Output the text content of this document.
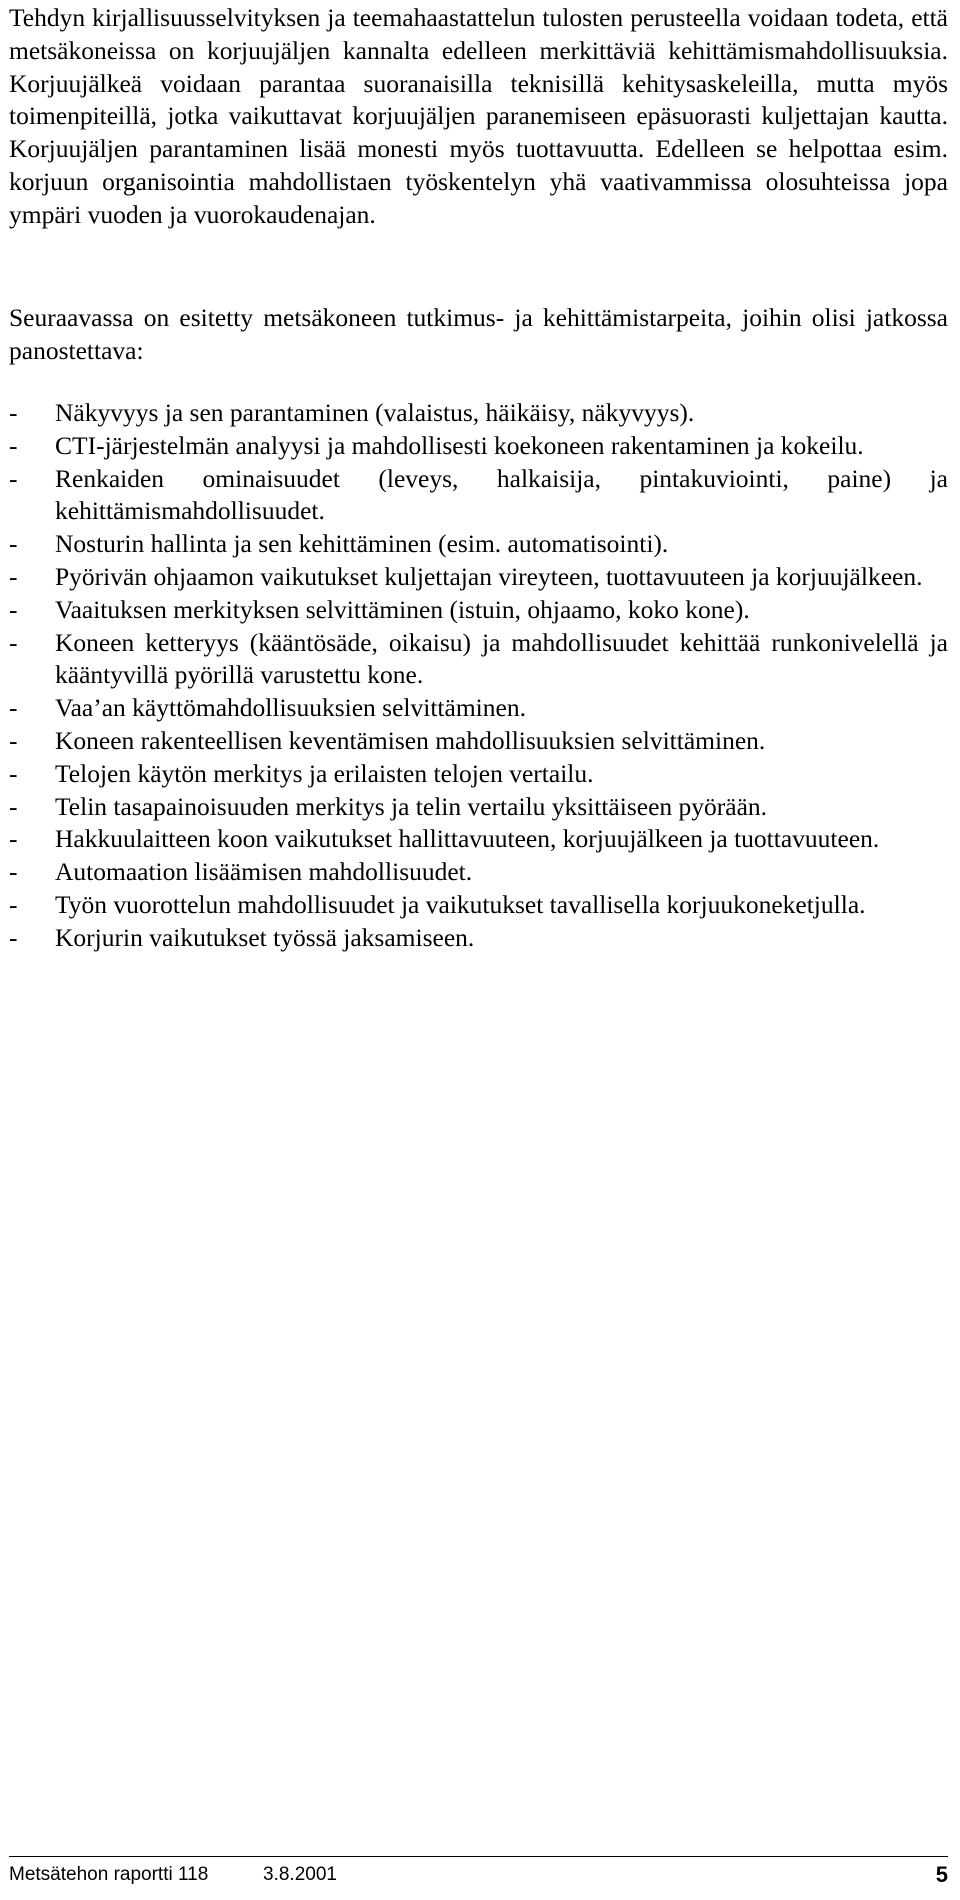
Tehdyn kirjallisuusselvityksen ja teemahaastattelun tulosten perusteella voidaan todeta, että metsäkoneissa on korjuujäljen kannalta edelleen merkittäviä kehittämismahdollisuuksia. Korjuujälkeä voidaan parantaa suoranaisilla teknisillä kehitysaskeleilla, mutta myös toimenpiteillä, jotka vaikuttavat korjuujäljen paranemiseen epäsuorasti kuljettajan kautta. Korjuujäljen parantaminen lisää monesti myös tuottavuutta. Edelleen se helpottaa esim. korjuun organisointia mahdollistaen työskentelyn yhä vaativammissa olosuhteissa jopa ympäri vuoden ja vuorokaudenajan.

Seuraavassa on esitetty metsäkoneen tutkimus- ja kehittämistarpeita, joihin olisi jatkossa panostettava:

- Näkyvyys ja sen parantaminen (valaistus, häikäisy, näkyvyys).
- CTI-järjestelmän analyysi ja mahdollisesti koekoneen rakentaminen ja kokeilu.
- Renkaiden ominaisuudet (leveys, halkaisija, pintakuviointi, paine) ja kehittämismahdollisuudet.
- Nosturin hallinta ja sen kehittäminen (esim. automatisointi).
- Pyörivän ohjaamon vaikutukset kuljettajan vireyteen, tuottavuuteen ja korjuujälkeen.
- Vaaituksen merkityksen selvittäminen (istuin, ohjaamo, koko kone).
- Koneen ketteryys (kääntösäde, oikaisu) ja mahdollisuudet kehittää runkonivelellä ja kääntyvillä pyörillä varustettu kone.
- Vaa’an käyttömahdollisuuksien selvittäminen.
- Koneen rakenteellisen keventämisen mahdollisuuksien selvittäminen.
- Telojen käytön merkitys ja erilaisten telojen vertailu.
- Telin tasapainoisuuden merkitys ja telin vertailu yksittäiseen pyörään.
- Hakkuulaitteen koon vaikutukset hallittavuuteen, korjuujälkeen ja tuottavuuteen.
- Automaation lisäämisen mahdollisuudet.
- Työn vuorottelun mahdollisuudet ja vaikutukset tavallisella korjuukoneketjulla.
- Korjurin vaikutukset työssä jaksamiseen.
Metsätehon raportti 118	3.8.2001	5
